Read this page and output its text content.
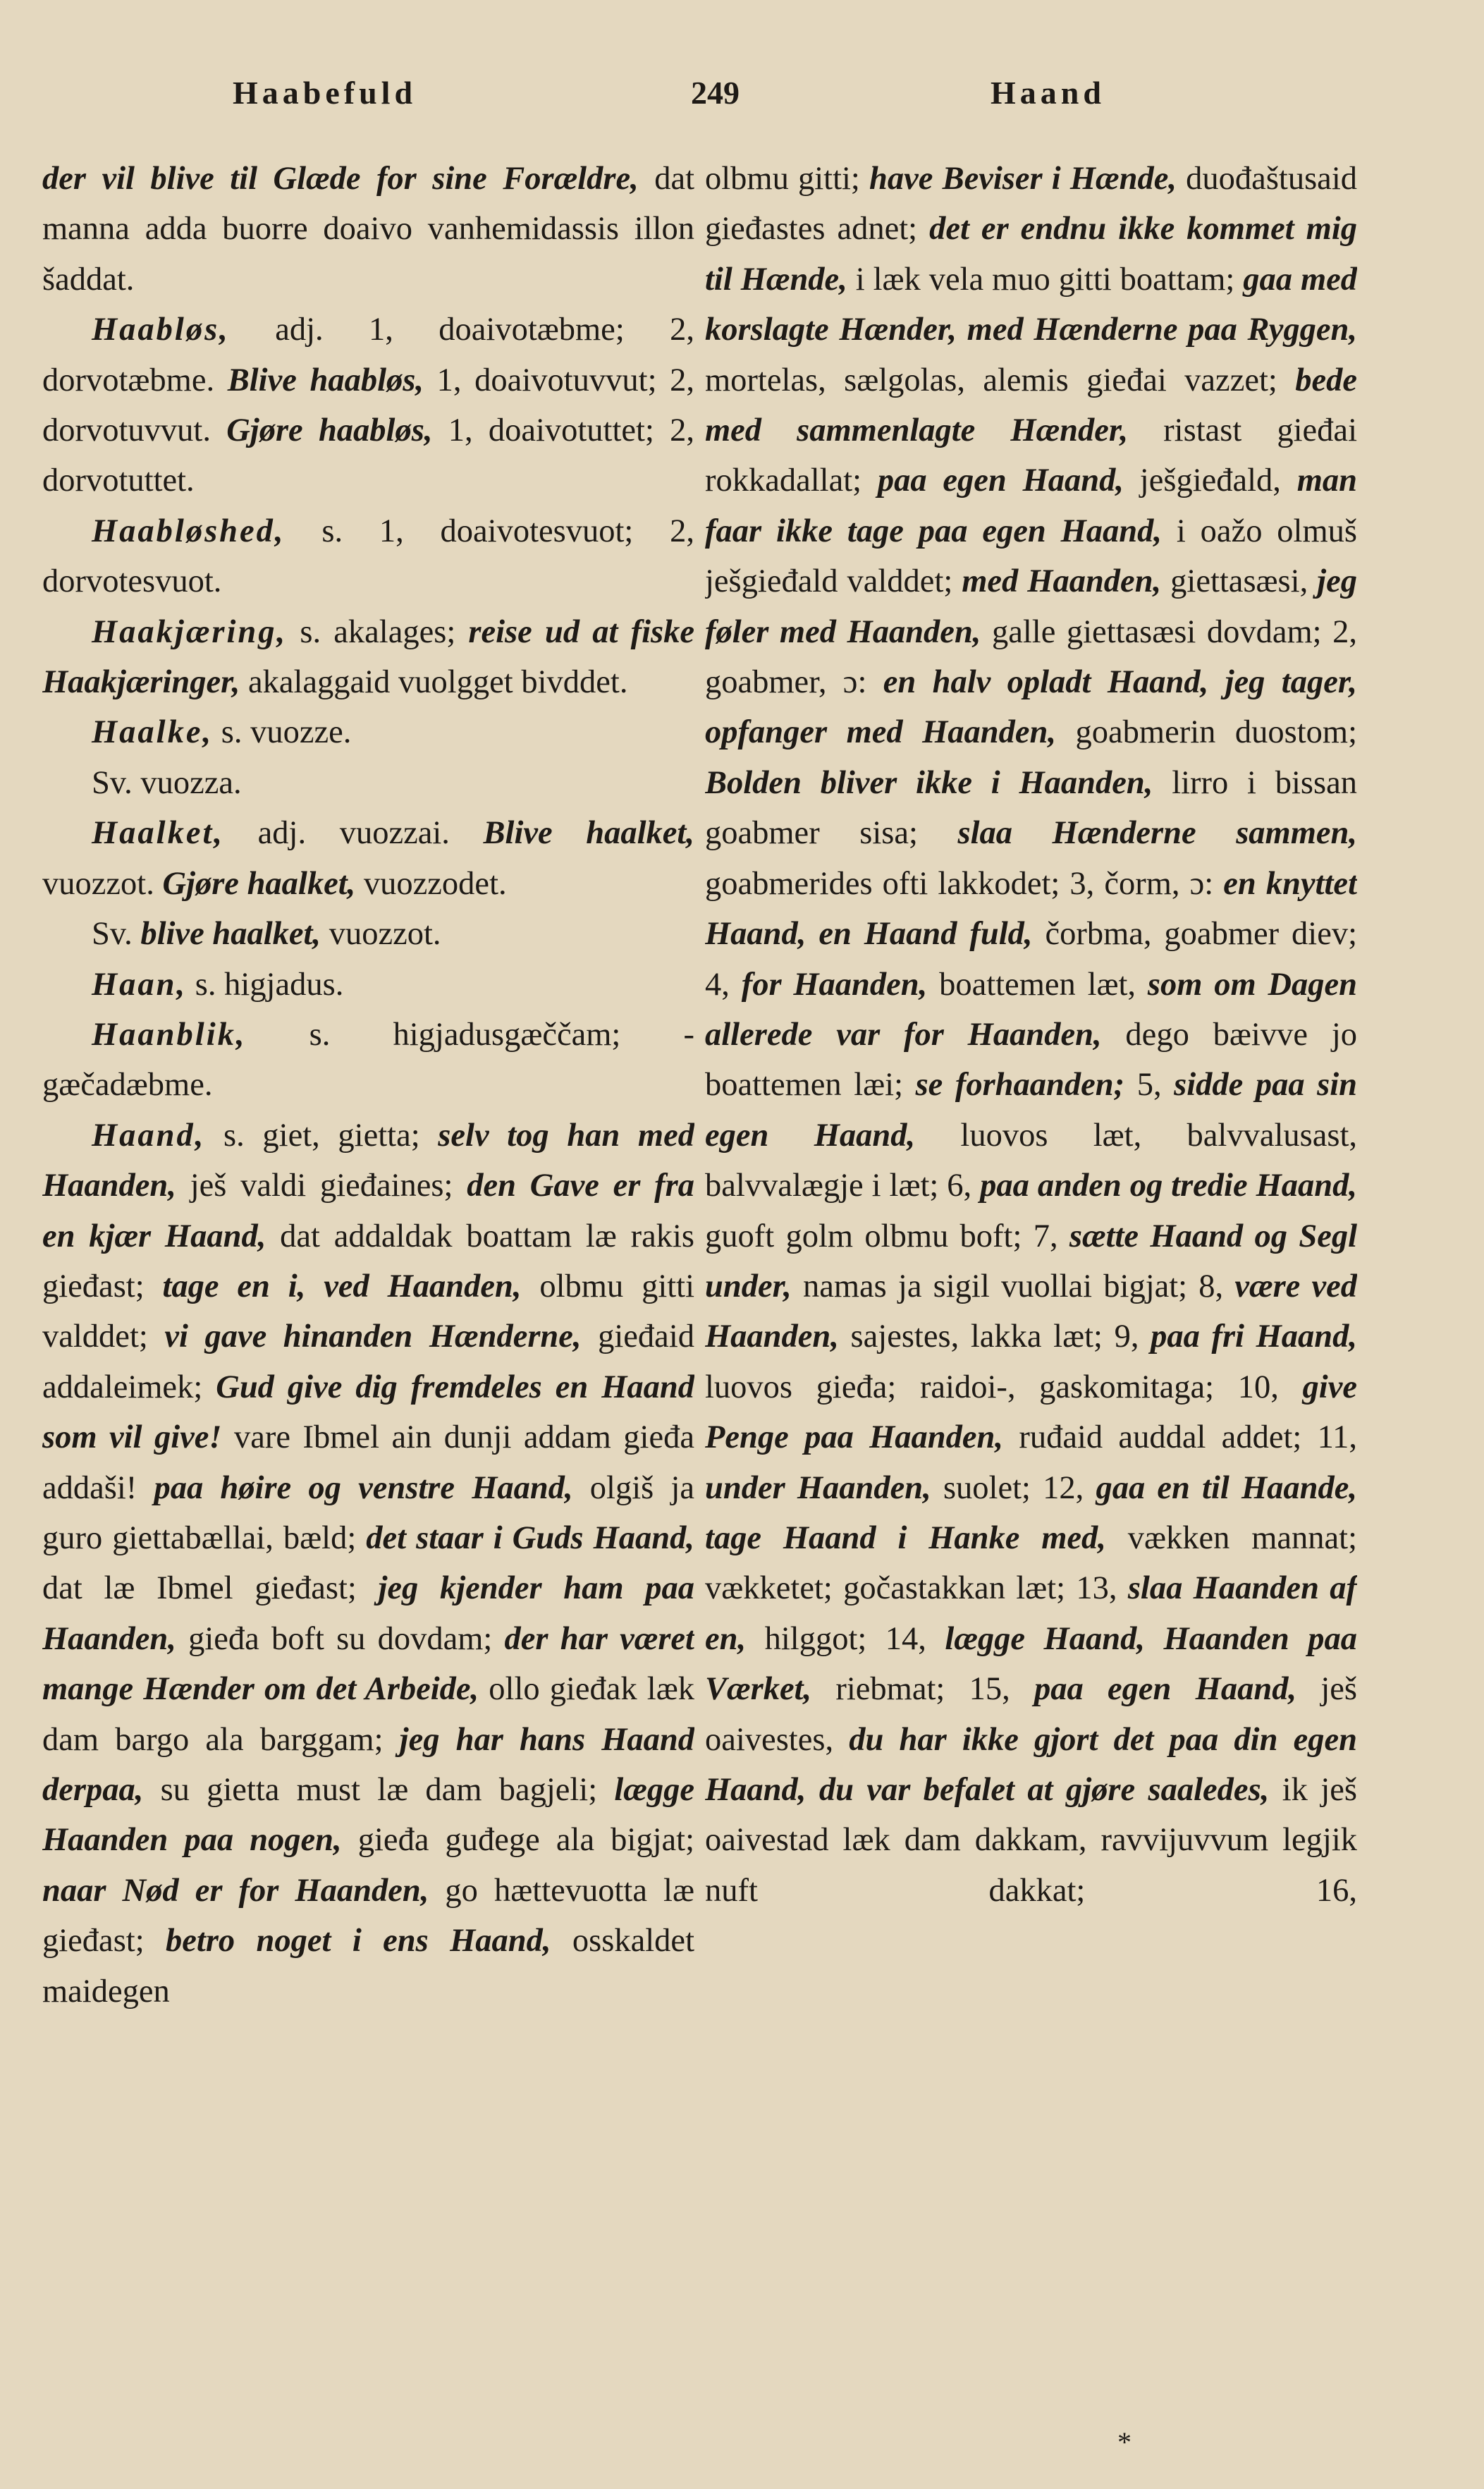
Haabefuld	249	Haand

der vil blive til Glæde for sine Forældre, dat manna adda buorre doaivo vanhemidassis illon šaddat.

Haabløs, adj. 1, doaivotæbme; 2, dorvotæbme. Blive haabløs, 1, doaivotuvvut; 2, dorvotuvvut. Gjøre haabløs, 1, doaivotuttet; 2, dorvotuttet.

Haabløshed, s. 1, doaivotesvuot; 2, dorvotesvuot.

Haakjæring, s. akalages; reise ud at fiske Haakjæringer, akalaggaid vuolgget bivddet.

Haalke, s. vuozze.

Sv. vuozza.

Haalket, adj. vuozzai. Blive haalket, vuozzot. Gjøre haalket, vuozzodet.

Sv. blive haalket, vuozzot.

Haan, s. higjadus.

Haanblik, s. higjadusgæččam; -gæčadæbme.

Haand, s. giet, gietta; selv tog han med Haanden, ješ valdi gieđaines; den Gave er fra en kjær Haand, dat addaldak boattam læ rakis gieđast; tage en i, ved Haanden, olbmu gitti valddet; vi gave hinanden Hænderne, gieđaid addaleimek; Gud give dig fremdeles en Haand som vil give! vare Ibmel ain dunji addam gieđa addaši! paa høire og venstre Haand, olgiš ja guro giettabællai, bæld; det staar i Guds Haand, dat læ Ibmel gieđast; jeg kjender ham paa Haanden, gieđa boft su dovdam; der har været mange Hænder om det Arbeide, ollo gieđak læk dam bargo ala barggam; jeg har hans Haand derpaa, su gietta must læ dam bagjeli; lægge Haanden paa nogen, gieđa guđege ala bigjat; naar Nød er for Haanden, go hættevuotta læ gieđast; betro noget i ens Haand, osskaldet maidegen

olbmu gitti; have Beviser i Hænde, duođaštusaid gieđastes adnet; det er endnu ikke kommet mig til Hænde, i læk vela muo gitti boattam; gaa med korslagte Hænder, med Hænderne paa Ryggen, mortelas, sælgolas, alemis gieđai vazzet; bede med sammenlagte Hænder, ristast gieđai rokkadallat; paa egen Haand, ješgieđald, man faar ikke tage paa egen Haand, i oažo olmuš ješgieđald valddet; med Haanden, giettasæsi, jeg føler med Haanden, galle giettasæsi dovdam; 2, goabmer, ɔ: en halv opladt Haand, jeg tager, opfanger med Haanden, goabmerin duostom; Bolden bliver ikke i Haanden, lirro i bissan goabmer sisa; slaa Hænderne sammen, goabmerides ofti lakkodet; 3, čorm, ɔ: en knyttet Haand, en Haand fuld, čorbma, goabmer diev; 4, for Haanden, boattemen læt, som om Dagen allerede var for Haanden, dego bæivve jo boattemen læi; se forhaanden; 5, sidde paa sin egen Haand, luovos læt, balvvalusast, balvvalægje i læt; 6, paa anden og tredie Haand, guoft golm olbmu boft; 7, sætte Haand og Segl under, namas ja sigil vuollai bigjat; 8, være ved Haanden, sajestes, lakka læt; 9, paa fri Haand, luovos gieđa; raidoi-, gaskomitaga; 10, give Penge paa Haanden, ruđaid auddal addet; 11, under Haanden, suolet; 12, gaa en til Haande, tage Haand i Hanke med, vækken mannat; vækketet; gočastakkan læt; 13, slaa Haanden af en, hilggot; 14, lægge Haand, Haanden paa Værket, riebmat; 15, paa egen Haand, ješ oaivestes, du har ikke gjort det paa din egen Haand, du var befalet at gjøre saaledes, ik ješ oaivestad læk dam dakkam, ravvijuvvum legjik nuft dakkat; 16,

*
